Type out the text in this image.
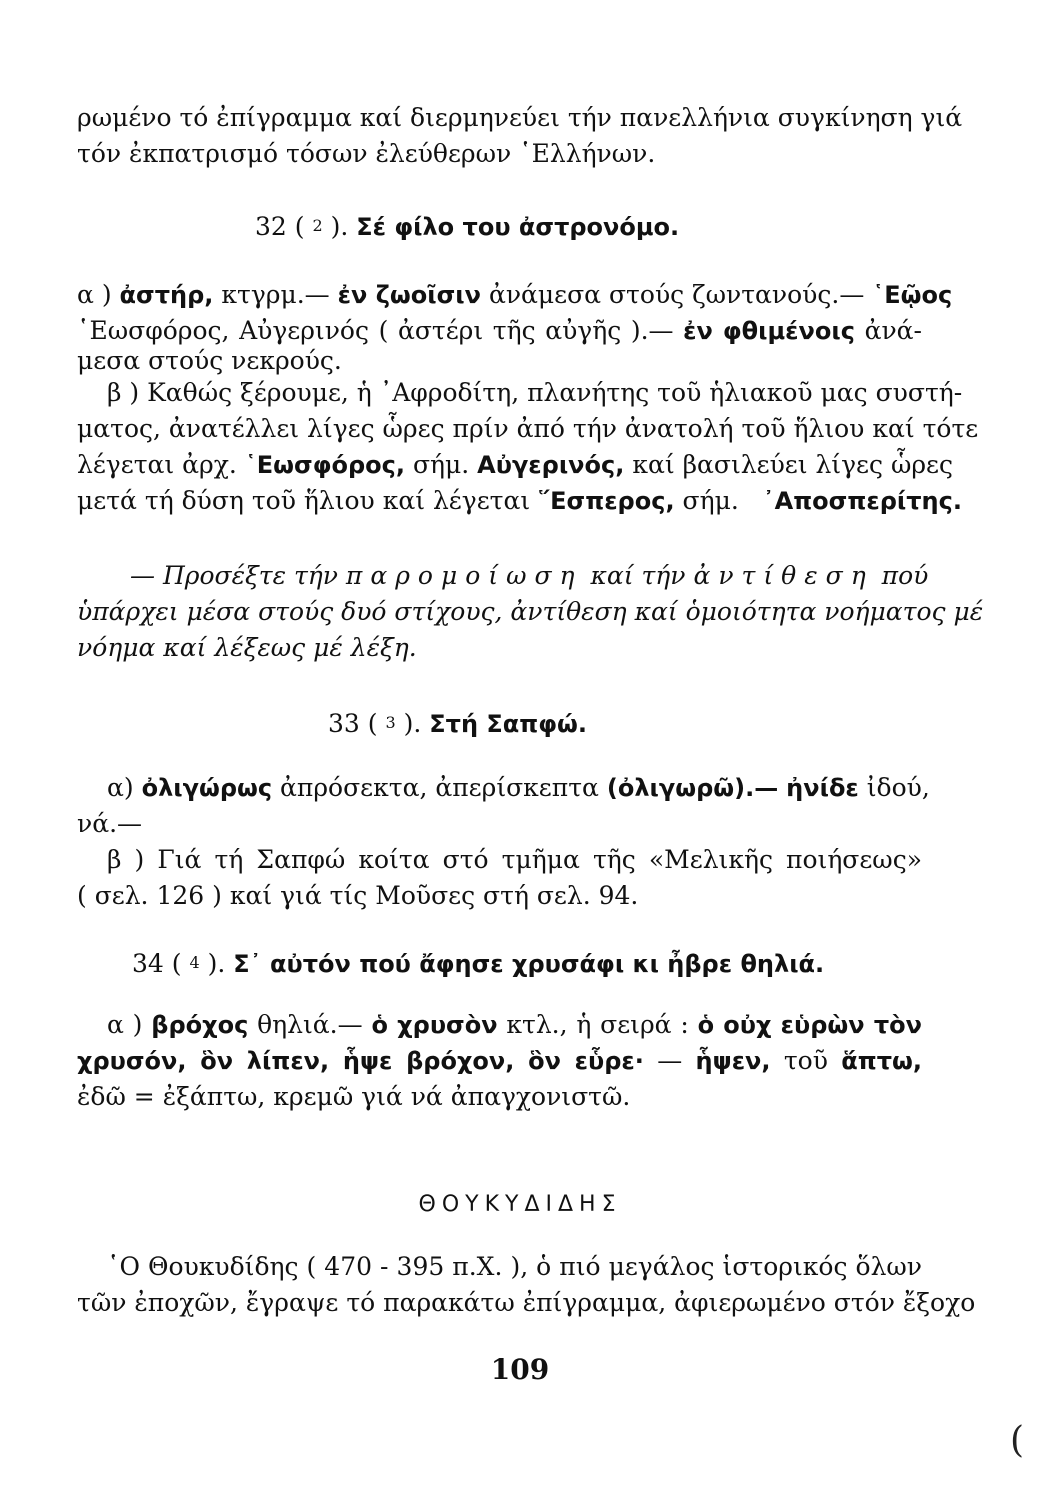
ρωμένο τό ἐπίγραμμα καί διερμηνεύει τήν πανελλήνια συγκίνηση γιά
τόν ἐκπατρισμό τόσων ἐλεύθερων ῾Ελλήνων.
32 ( 2 ). Σέ φίλο του ἀστρονόμο.
α ) ἀστήρ, κτγρμ.— ἐν ζωοῖσιν ἀνάμεσα στούς ζωντανούς.— ῾Εῷος
῾Εωσφόρος, Αὐγερινός ( ἀστέρι τῆς αὐγῆς ).— ἐν φθιμένοις ἀνά-
μεσα στούς νεκρούς.
β ) Καθώς ξέρουμε, ἡ ᾿Αφροδίτη, πλανήτης τοῦ ἡλιακοῦ μας συστή-
ματος, ἀνατέλλει λίγες ὧρες πρίν ἀπό τήν ἀνατολή τοῦ ἥλιου καί τότε
λέγεται ἀρχ. ῾Εωσφόρος, σήμ. Αὐγερινός, καί βασιλεύει λίγες ὧρες
μετά τή δύση τοῦ ἥλιου καί λέγεται ῞Εσπερος, σήμ. ᾿Αποσπερίτης.
— Προσέξτε τήν παρομοίωση καί τήν ἀντίθεση πού
ὑπάρχει μέσα στούς δυό στίχους, ἀντίθεση καί ὁμοιότητα νοήματος μέ
νόημα καί λέξεως μέ λέξη.
33 ( 3 ). Στή Σαπφώ.
α) ὀλιγώρως ἀπρόσεκτα, ἀπερίσκεπτα (ὀλιγωρῶ).— ἠνίδε ἰδού,
νά.—
β ) Γιά τή Σαπφώ κοίτα στό τμῆμα τῆς «Μελικῆς ποιήσεως»
( σελ. 126 ) καί γιά τίς Μοῦσες στή σελ. 94.
34 ( 4 ). Σ᾿ αὐτόν πού ἄφησε χρυσάφι κι ἦβρε θηλιά.
α ) βρόχος θηλιά.— ὁ χρυσὸν κτλ., ἡ σειρά : ὁ οὐχ εὑρὼν τὸν
χρυσόν, ὃν λίπεν, ἧψε βρόχον, ὃν εὗρε· — ἧψεν, τοῦ ἅπτω,
ἐδῶ = ἐξάπτω, κρεμῶ γιά νά ἀπαγχονιστῶ.
ΘΟΥΚΥΔΙΔΗΣ
῾Ο Θουκυδίδης ( 470 - 395 π.Χ. ), ὁ πιό μεγάλος ἱστορικός ὅλων
τῶν ἐποχῶν, ἔγραψε τό παρακάτω ἐπίγραμμα, ἀφιερωμένο στόν ἔξοχο
109
(
